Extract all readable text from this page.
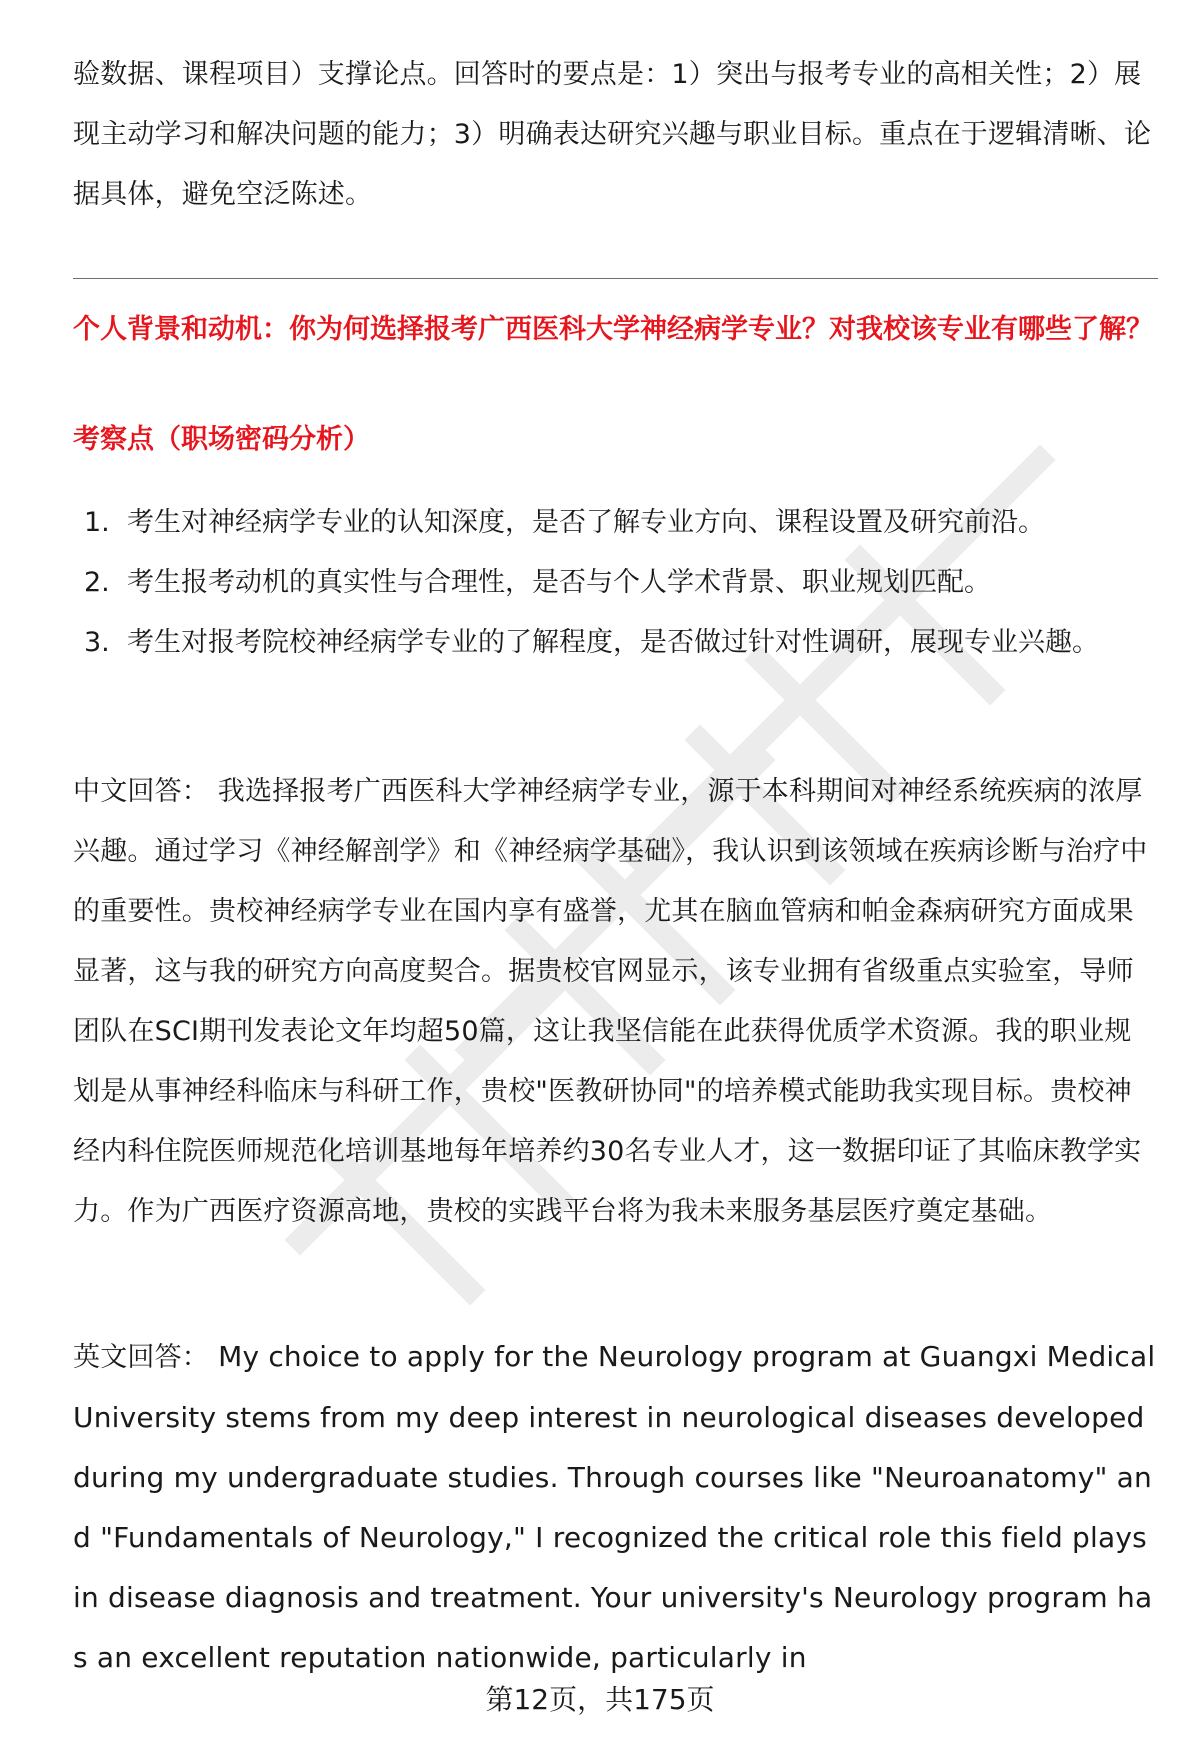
验数据、课程项目）支撑论点。回答时的要点是：1）突出与报考专业的高相关性；2）展现主动学习和解决问题的能力；3）明确表达研究兴趣与职业目标。重点在于逻辑清晰、论据具体，避免空泛陈述。

个人背景和动机：你为何选择报考广西医科大学神经病学专业？对我校该专业有哪些了解？

考察点（职场密码分析）

1. 考生对神经病学专业的认知深度，是否了解专业方向、课程设置及研究前沿。
2. 考生报考动机的真实性与合理性，是否与个人学术背景、职业规划匹配。
3. 考生对报考院校神经病学专业的了解程度，是否做过针对性调研，展现专业兴趣。

中文回答： 我选择报考广西医科大学神经病学专业，源于本科期间对神经系统疾病的浓厚兴趣。通过学习《神经解剖学》和《神经病学基础》，我认识到该领域在疾病诊断与治疗中的重要性。贵校神经病学专业在国内享有盛誉，尤其在脑血管病和帕金森病研究方面成果显著，这与我的研究方向高度契合。据贵校官网显示，该专业拥有省级重点实验室，导师团队在SCI期刊发表论文年均超50篇，这让我坚信能在此获得优质学术资源。我的职业规划是从事神经科临床与科研工作，贵校"医教研协同"的培养模式能助我实现目标。贵校神经内科住院医师规范化培训基地每年培养约30名专业人才，这一数据印证了其临床教学实力。作为广西医疗资源高地，贵校的实践平台将为我未来服务基层医疗奠定基础。

英文回答： My choice to apply for the Neurology program at Guangxi Medical University stems from my deep interest in neurological diseases developed during my undergraduate studies. Through courses like "Neuroanatomy" and "Fundamentals of Neurology," I recognized the critical role this field plays in disease diagnosis and treatment. Your university's Neurology program has an excellent reputation nationwide, particularly in

第12页，共175页
